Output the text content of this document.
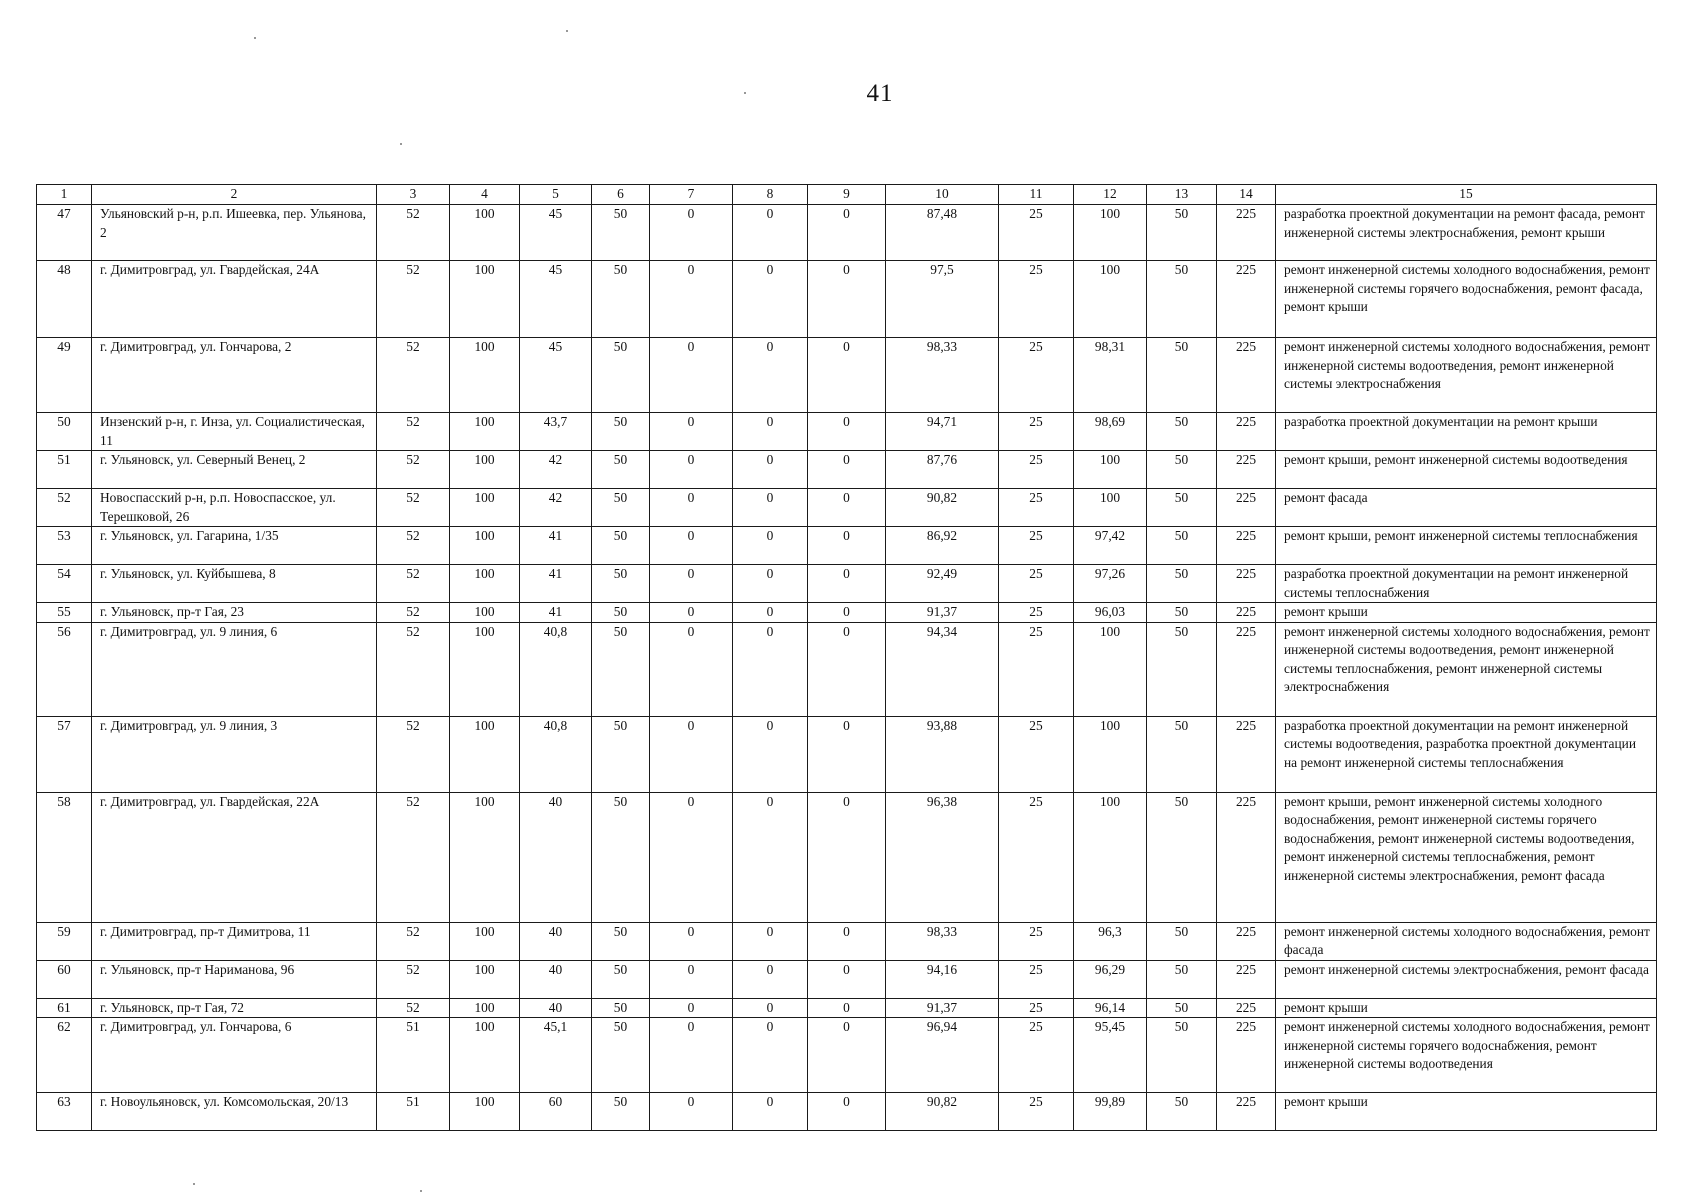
41
1	2	3	4	5	6	7	8	9	10	11	12	13	14	15
47	Ульяновский р-н, р.п. Ишеевка, пер. Ульянова, 2	52	100	45	50	0	0	0	87,48	25	100	50	225	разработка проектной документации на ремонт фасада, ремонт инженерной системы электроснабжения, ремонт крыши
48	г. Димитровград, ул. Гвардейская, 24А	52	100	45	50	0	0	0	97,5	25	100	50	225	ремонт инженерной системы холодного водоснабжения, ремонт инженерной системы горячего водоснабжения, ремонт фасада, ремонт крыши
49	г. Димитровград, ул. Гончарова, 2	52	100	45	50	0	0	0	98,33	25	98,31	50	225	ремонт инженерной системы холодного водоснабжения, ремонт инженерной системы водоотведения, ремонт инженерной системы электроснабжения
50	Инзенский р-н, г. Инза, ул. Социалистическая, 11	52	100	43,7	50	0	0	0	94,71	25	98,69	50	225	разработка проектной документации на ремонт крыши
51	г. Ульяновск, ул. Северный Венец, 2	52	100	42	50	0	0	0	87,76	25	100	50	225	ремонт крыши, ремонт инженерной системы водоотведения
52	Новоспасский р-н, р.п. Новоспасское, ул. Терешковой, 26	52	100	42	50	0	0	0	90,82	25	100	50	225	ремонт фасада
53	г. Ульяновск, ул. Гагарина, 1/35	52	100	41	50	0	0	0	86,92	25	97,42	50	225	ремонт крыши, ремонт инженерной системы теплоснабжения
54	г. Ульяновск, ул. Куйбышева, 8	52	100	41	50	0	0	0	92,49	25	97,26	50	225	разработка проектной документации на ремонт инженерной системы теплоснабжения
55	г. Ульяновск, пр-т Гая, 23	52	100	41	50	0	0	0	91,37	25	96,03	50	225	ремонт крыши
56	г. Димитровград, ул. 9 линия, 6	52	100	40,8	50	0	0	0	94,34	25	100	50	225	ремонт инженерной системы холодного водоснабжения, ремонт инженерной системы водоотведения, ремонт инженерной системы теплоснабжения, ремонт инженерной системы электроснабжения
57	г. Димитровград, ул. 9 линия, 3	52	100	40,8	50	0	0	0	93,88	25	100	50	225	разработка проектной документации на ремонт инженерной системы водоотведения, разработка проектной документации на ремонт инженерной системы теплоснабжения
58	г. Димитровград, ул. Гвардейская, 22А	52	100	40	50	0	0	0	96,38	25	100	50	225	ремонт крыши, ремонт инженерной системы холодного водоснабжения, ремонт инженерной системы горячего водоснабжения, ремонт инженерной системы водоотведения, ремонт инженерной системы теплоснабжения, ремонт инженерной системы электроснабжения, ремонт фасада
59	г. Димитровград, пр-т Димитрова, 11	52	100	40	50	0	0	0	98,33	25	96,3	50	225	ремонт инженерной системы холодного водоснабжения, ремонт фасада
60	г. Ульяновск, пр-т Нариманова, 96	52	100	40	50	0	0	0	94,16	25	96,29	50	225	ремонт инженерной системы электроснабжения, ремонт фасада
61	г. Ульяновск, пр-т Гая, 72	52	100	40	50	0	0	0	91,37	25	96,14	50	225	ремонт крыши
62	г. Димитровград, ул. Гончарова, 6	51	100	45,1	50	0	0	0	96,94	25	95,45	50	225	ремонт инженерной системы холодного водоснабжения, ремонт инженерной системы горячего водоснабжения, ремонт инженерной системы водоотведения
63	г. Новоульяновск, ул. Комсомольская, 20/13	51	100	60	50	0	0	0	90,82	25	99,89	50	225	ремонт крыши
